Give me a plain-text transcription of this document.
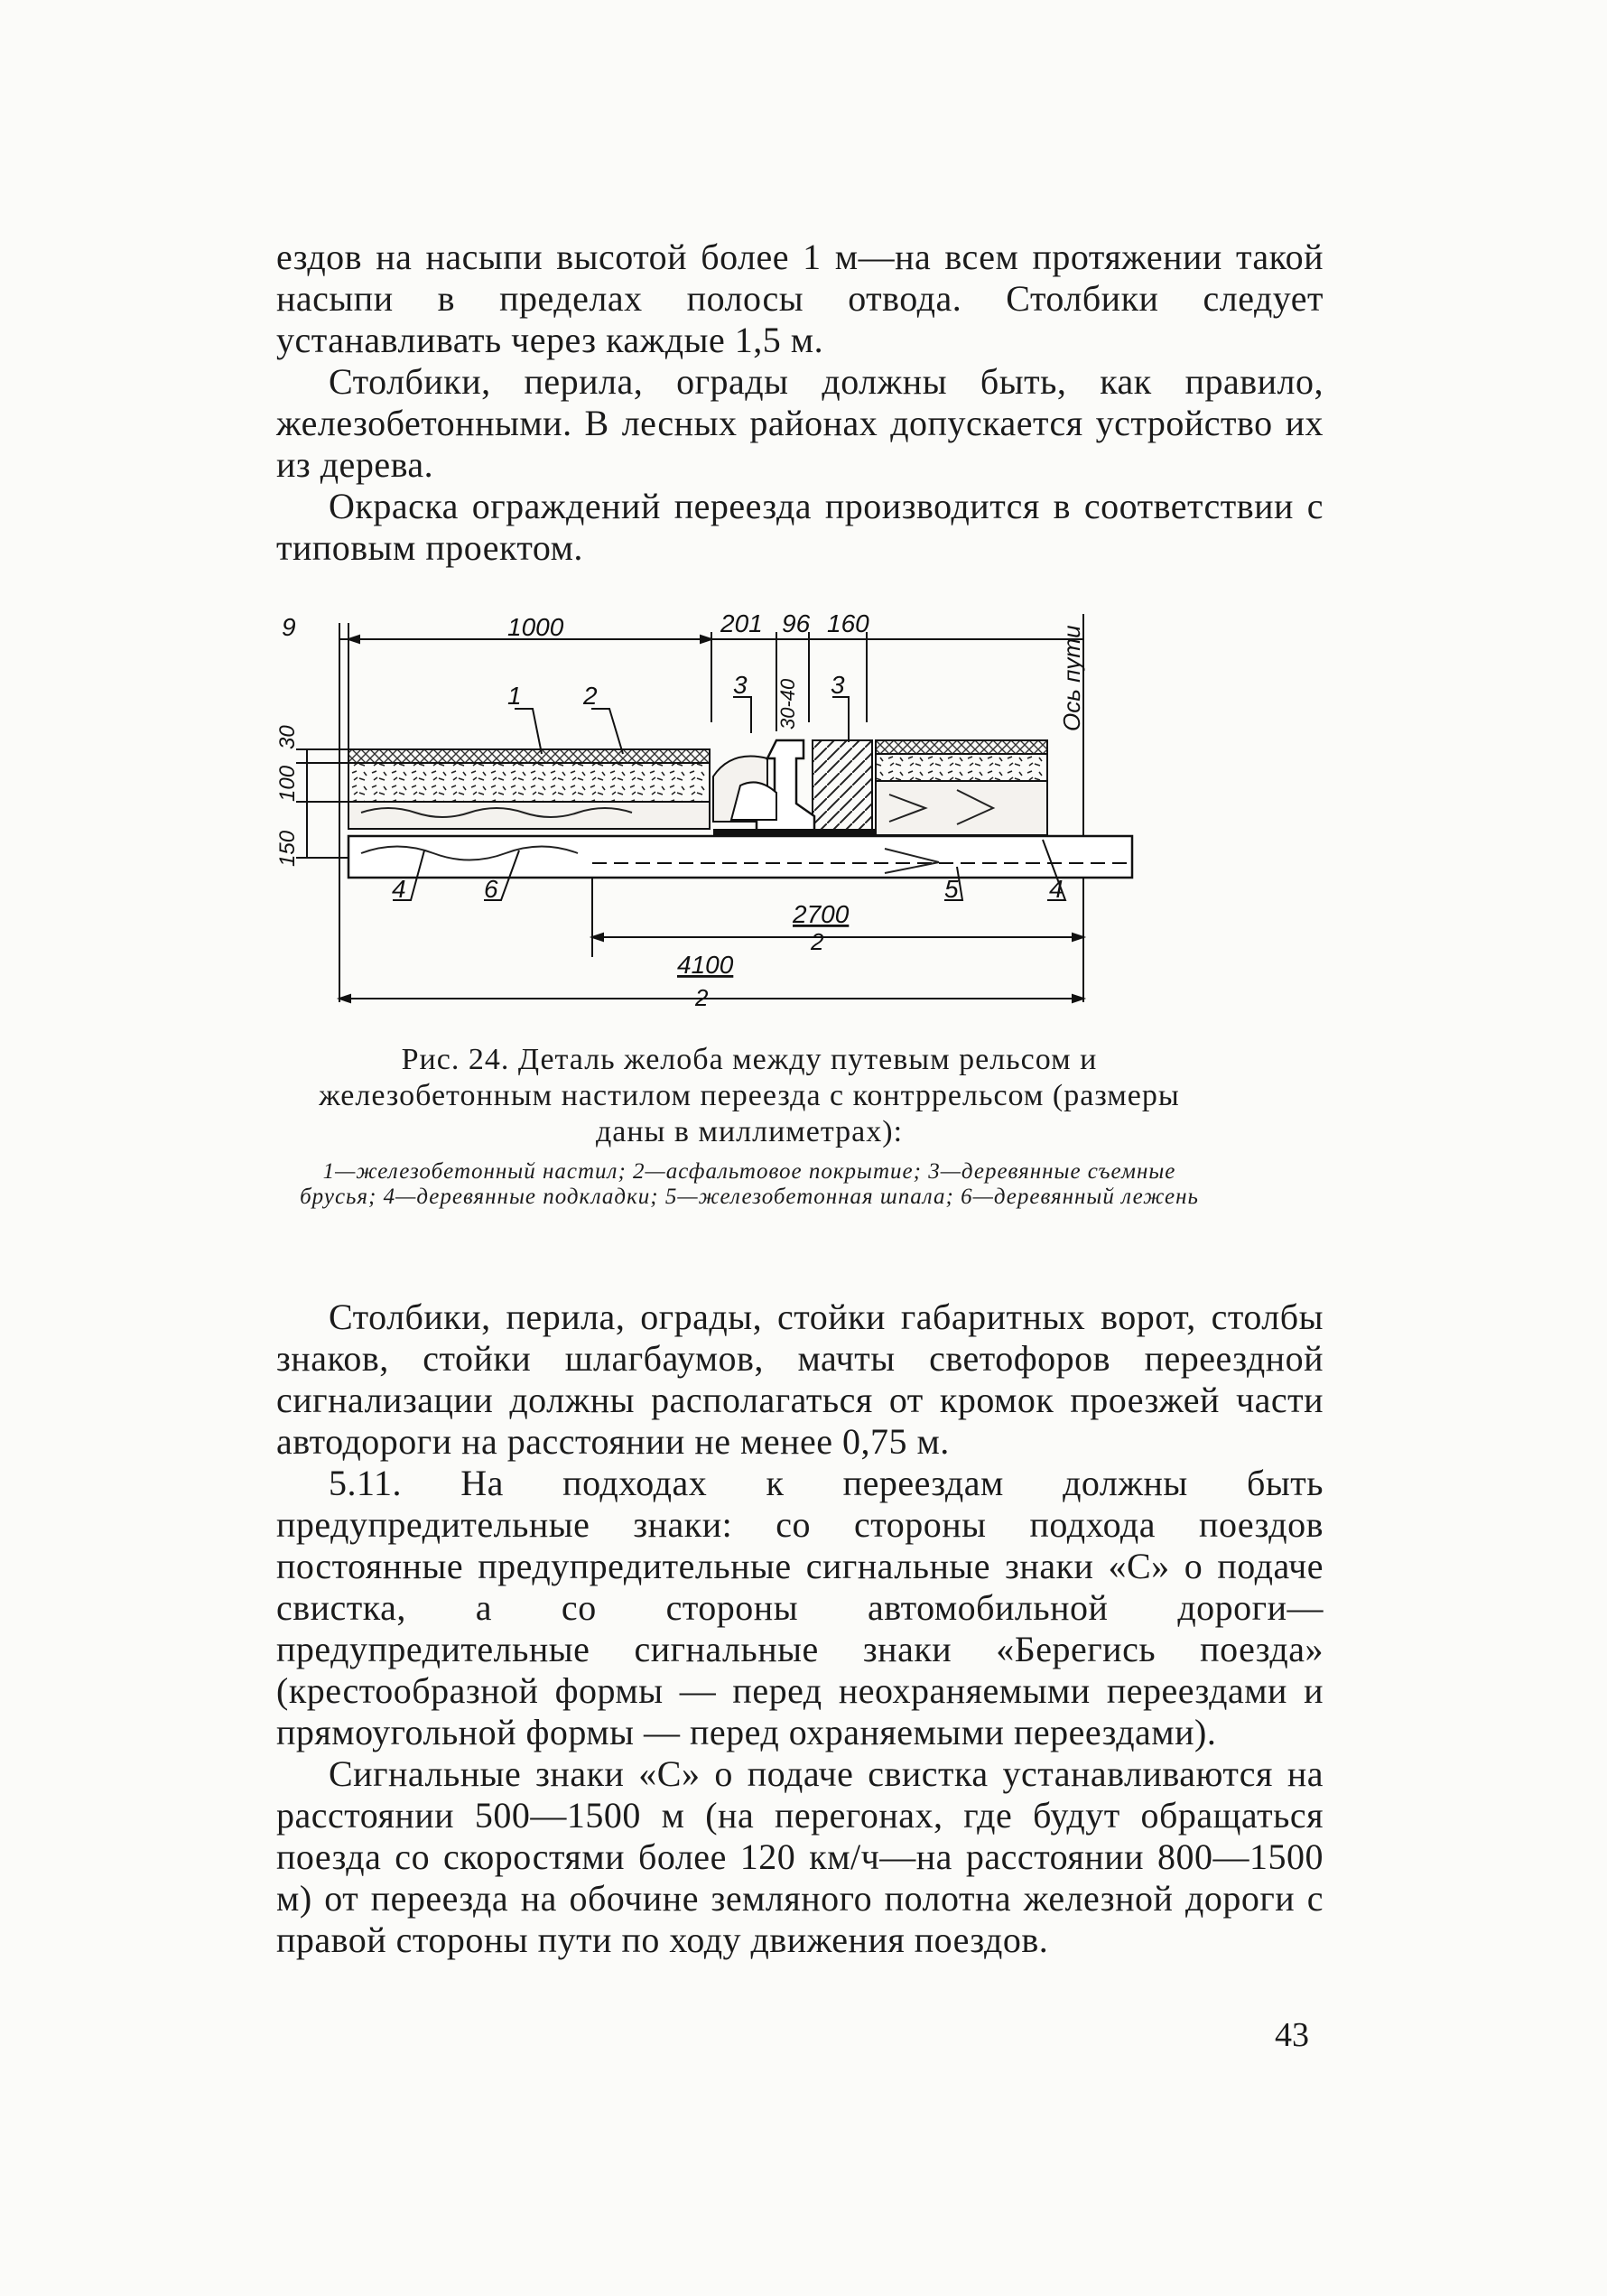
ездов на насыпи высотой более 1 м—на всем протяжении такой насыпи в пределах полосы отвода. Столбики следует устанавливать через каждые 1,5 м.

Столбики, перила, ограды должны быть, как правило, железобетонными. В лесных районах допускается устройство их из дерева.

Окраска ограждений переезда производится в соответствии с типовым проектом.

9	1000	201 96 160
30
100
150
30-40	Ось пути
2700
2
4100
2
1 2	3	3
4	6	5	4
Рис. 24. Деталь желоба между путевым рельсом и железобетонным настилом переезда с контррельсом (размеры даны в миллиметрах):
1—железобетонный настил; 2—асфальтовое покрытие; 3—деревянные съемные брусья; 4—деревянные подкладки; 5—железобетонная шпала; 6—деревянный лежень

Столбики, перила, ограды, стойки габаритных ворот, столбы знаков, стойки шлагбаумов, мачты светофоров переездной сигнализации должны располагаться от кромок проезжей части автодороги на расстоянии не менее 0,75 м.

5.11. На подходах к переездам должны быть предупредительные знаки: со стороны подхода поездов постоянные предупредительные сигнальные знаки «С» о подаче свистка, а со стороны автомобильной дороги—предупредительные сигнальные знаки «Берегись поезда» (крестообразной формы — перед неохраняемыми переездами и прямоугольной формы — перед охраняемыми переездами).

Сигнальные знаки «С» о подаче свистка устанавливаются на расстоянии 500—1500 м (на перегонах, где будут обращаться поезда со скоростями более 120 км/ч—на расстоянии 800—1500 м) от переезда на обочине земляного полотна железной дороги с правой стороны пути по ходу движения поездов.

43
